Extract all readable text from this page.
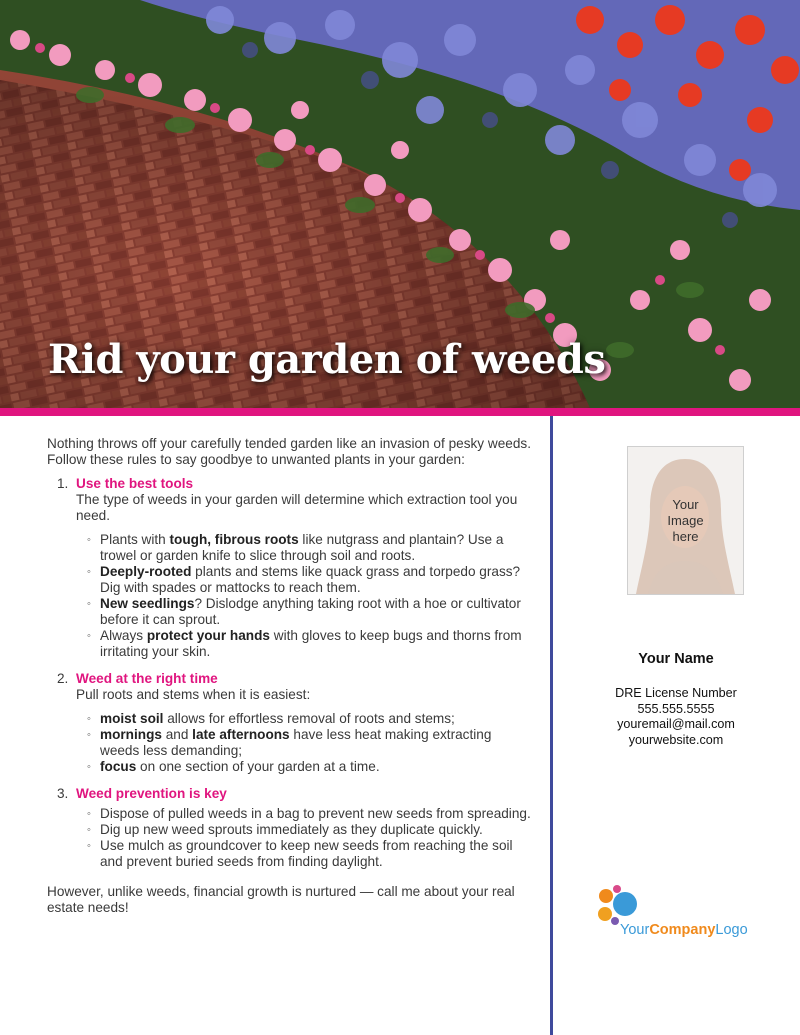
Rid your garden of weeds

Nothing throws off your carefully tended garden like an invasion of pesky weeds. Follow these rules to say goodbye to unwanted plants in your garden:

1. Use the best tools
The type of weeds in your garden will determine which extraction tool you need.
◦ Plants with tough, fibrous roots like nutgrass and plantain? Use a trowel or garden knife to slice through soil and roots.
◦ Deeply-rooted plants and stems like quack grass and torpedo grass? Dig with spades or mattocks to reach them.
◦ New seedlings? Dislodge anything taking root with a hoe or cultivator before it can sprout.
◦ Always protect your hands with gloves to keep bugs and thorns from irritating your skin.
2. Weed at the right time
Pull roots and stems when it is easiest:
◦ moist soil allows for effortless removal of roots and stems;
◦ mornings and late afternoons have less heat making extracting weeds less demanding;
◦ focus on one section of your garden at a time.
3. Weed prevention is key
◦ Dispose of pulled weeds in a bag to prevent new seeds from spreading.
◦ Dig up new weed sprouts immediately as they duplicate quickly.
◦ Use mulch as groundcover to keep new seeds from reaching the soil and prevent buried seeds from finding daylight.

However, unlike weeds, financial growth is nurtured — call me about your real estate needs!

Your
Image
here
Your Name
DRE License Number
555.555.5555
youremail@mail.com
yourwebsite.com
YourCompanyLogo
